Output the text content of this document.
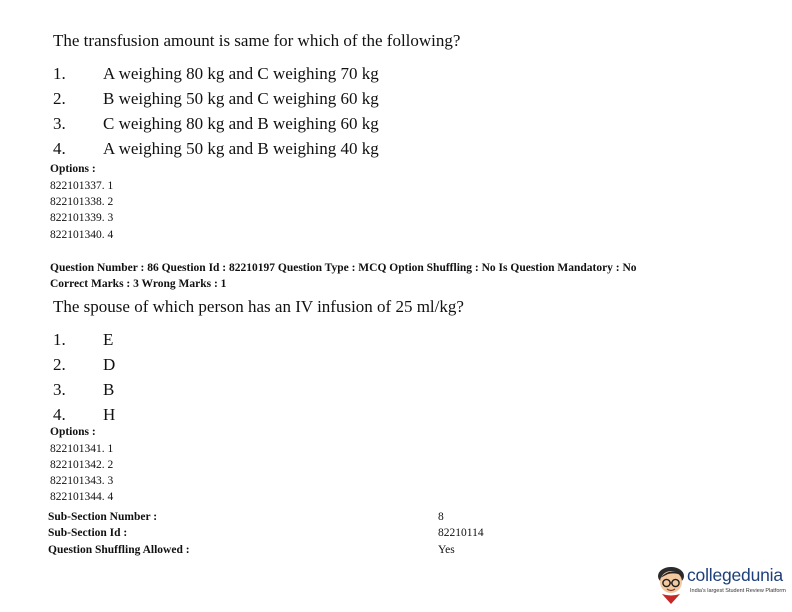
The transfusion amount is same for which of the following?
1. A weighing 80 kg and C weighing 70 kg
2. B weighing 50 kg and C weighing 60 kg
3. C weighing 80 kg and B weighing 60 kg
4. A weighing 50 kg and B weighing 40 kg
Options :
822101337. 1
822101338. 2
822101339. 3
822101340. 4
Question Number : 86 Question Id : 82210197 Question Type : MCQ Option Shuffling : No Is Question Mandatory : No
Correct Marks : 3 Wrong Marks : 1
The spouse of which person has an IV infusion of 25 ml/kg?
1. E
2. D
3. B
4. H
Options :
822101341. 1
822101342. 2
822101343. 3
822101344. 4
Sub-Section Number :	8
Sub-Section Id :	82210114
Question Shuffling Allowed :	Yes
collegedunia
India's largest Student Review Platform
